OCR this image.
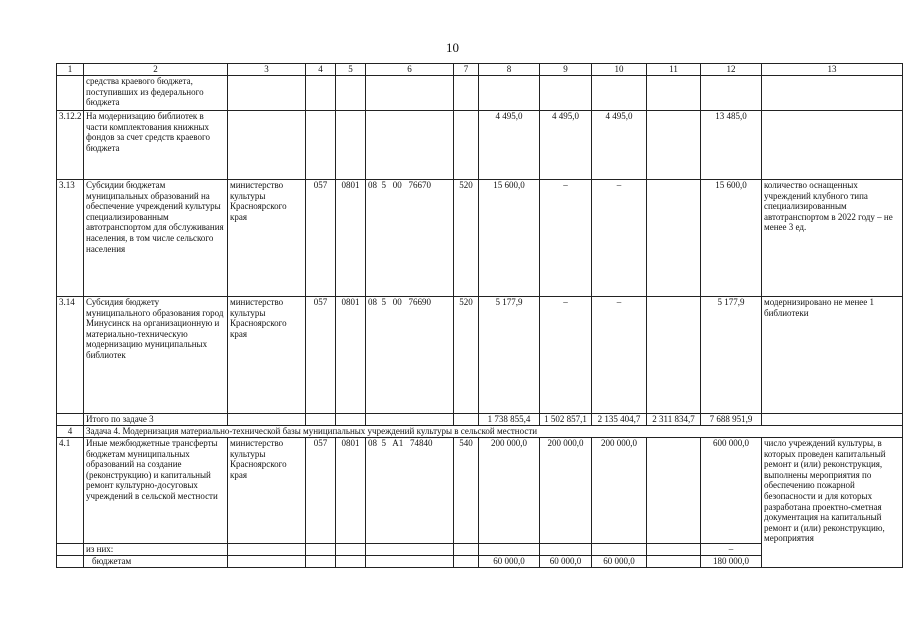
10
1	2	3	4	5	6	7	8	9	10	11	12	13
	средства краевого бюджета, поступивших из федерального бюджета											
3.12.2	На модернизацию библиотек в части комплектования книжных фондов за счет средств краевого бюджета						4 495,0	4 495,0	4 495,0		13 485,0	
3.13	Субсидии бюджетам муниципальных образований на обеспечение учреждений культуры специализированным автотранспортом для обслуживания населения, в том числе сельского населения	министерство культуры Красноярского края	057	0801	08  5   00   76670	520	15 600,0	–	–		15 600,0	количество оснащенных учреждений клубного типа специализированным автотранспортом в 2022 году – не менее 3 ед.
3.14	Субсидия бюджету муниципального образования город Минусинск на организационную и материально-техническую модернизацию муниципальных библиотек	министерство культуры Красноярского края	057	0801	08  5   00   76690	520	5 177,9	–	–		5 177,9	модернизировано не менее 1 библиотеки
	Итого по задаче 3						1 738 855,4	1 502 857,1	2 135 404,7	2 311 834,7	7 688 951,9	
4	Задача 4. Модернизация материально-технической базы муниципальных учреждений культуры в сельской местности											
4.1	Иные межбюджетные трансферты бюджетам муниципальных образований на создание (реконструкцию) и капитальный ремонт культурно-досуговых учреждений в сельской местности	министерство культуры Красноярского края	057	0801	08  5   A1   74840	540	200 000,0	200 000,0	200 000,0		600 000,0	число учреждений культуры, в которых проведен капитальный ремонт и (или) реконструкция, выполнены мероприятия по обеспечению пожарной безопасности и для которых разработана проектно-сметная документация на капитальный ремонт и (или) реконструкцию, мероприятия
	из них:										–	
	бюджетам						60 000,0	60 000,0	60 000,0		180 000,0	
